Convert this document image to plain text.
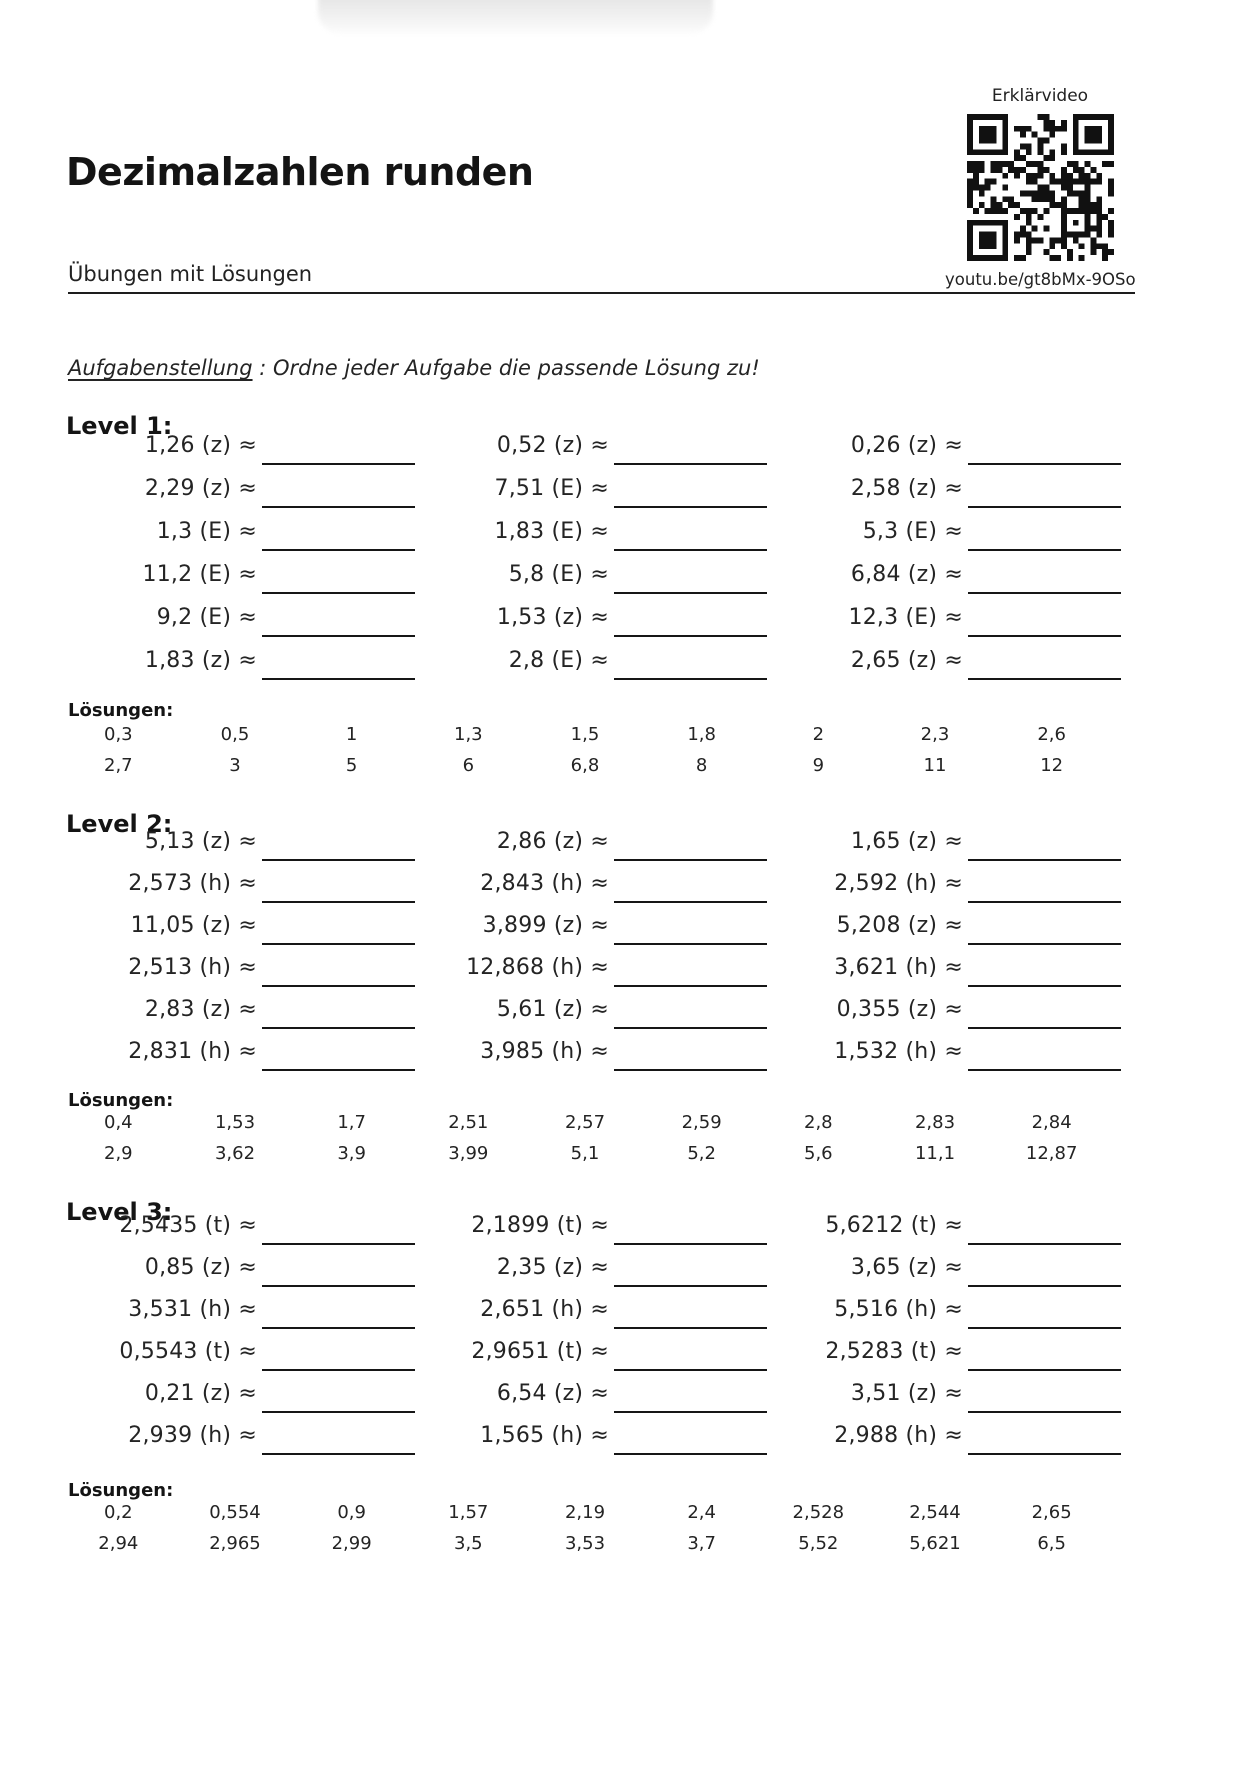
Dezimalzahlen runden
Übungen mit Lösungen
Erklärvideo
youtu.be/gt8bMx-9OSo
Aufgabenstellung : Ordne jeder Aufgabe die passende Lösung zu!
Level 1:
1,26 (z) ≈
2,29 (z) ≈
1,3 (E) ≈
11,2 (E) ≈
9,2 (E) ≈
1,83 (z) ≈
0,52 (z) ≈
7,51 (E) ≈
1,83 (E) ≈
5,8 (E) ≈
1,53 (z) ≈
2,8 (E) ≈
0,26 (z) ≈
2,58 (z) ≈
5,3 (E) ≈
6,84 (z) ≈
12,3 (E) ≈
2,65 (z) ≈
Lösungen:
0,3	0,5	1	1,3	1,5	1,8	2	2,3	2,6
2,7	3	5	6	6,8	8	9	11	12
Level 2:
5,13 (z) ≈
2,573 (h) ≈
11,05 (z) ≈
2,513 (h) ≈
2,83 (z) ≈
2,831 (h) ≈
2,86 (z) ≈
2,843 (h) ≈
3,899 (z) ≈
12,868 (h) ≈
5,61 (z) ≈
3,985 (h) ≈
1,65 (z) ≈
2,592 (h) ≈
5,208 (z) ≈
3,621 (h) ≈
0,355 (z) ≈
1,532 (h) ≈
Lösungen:
0,4	1,53	1,7	2,51	2,57	2,59	2,8	2,83	2,84
2,9	3,62	3,9	3,99	5,1	5,2	5,6	11,1	12,87
Level 3:
2,5435 (t) ≈
0,85 (z) ≈
3,531 (h) ≈
0,5543 (t) ≈
0,21 (z) ≈
2,939 (h) ≈
2,1899 (t) ≈
2,35 (z) ≈
2,651 (h) ≈
2,9651 (t) ≈
6,54 (z) ≈
1,565 (h) ≈
5,6212 (t) ≈
3,65 (z) ≈
5,516 (h) ≈
2,5283 (t) ≈
3,51 (z) ≈
2,988 (h) ≈
Lösungen:
0,2	0,554	0,9	1,57	2,19	2,4	2,528	2,544	2,65
2,94	2,965	2,99	3,5	3,53	3,7	5,52	5,621	6,5
